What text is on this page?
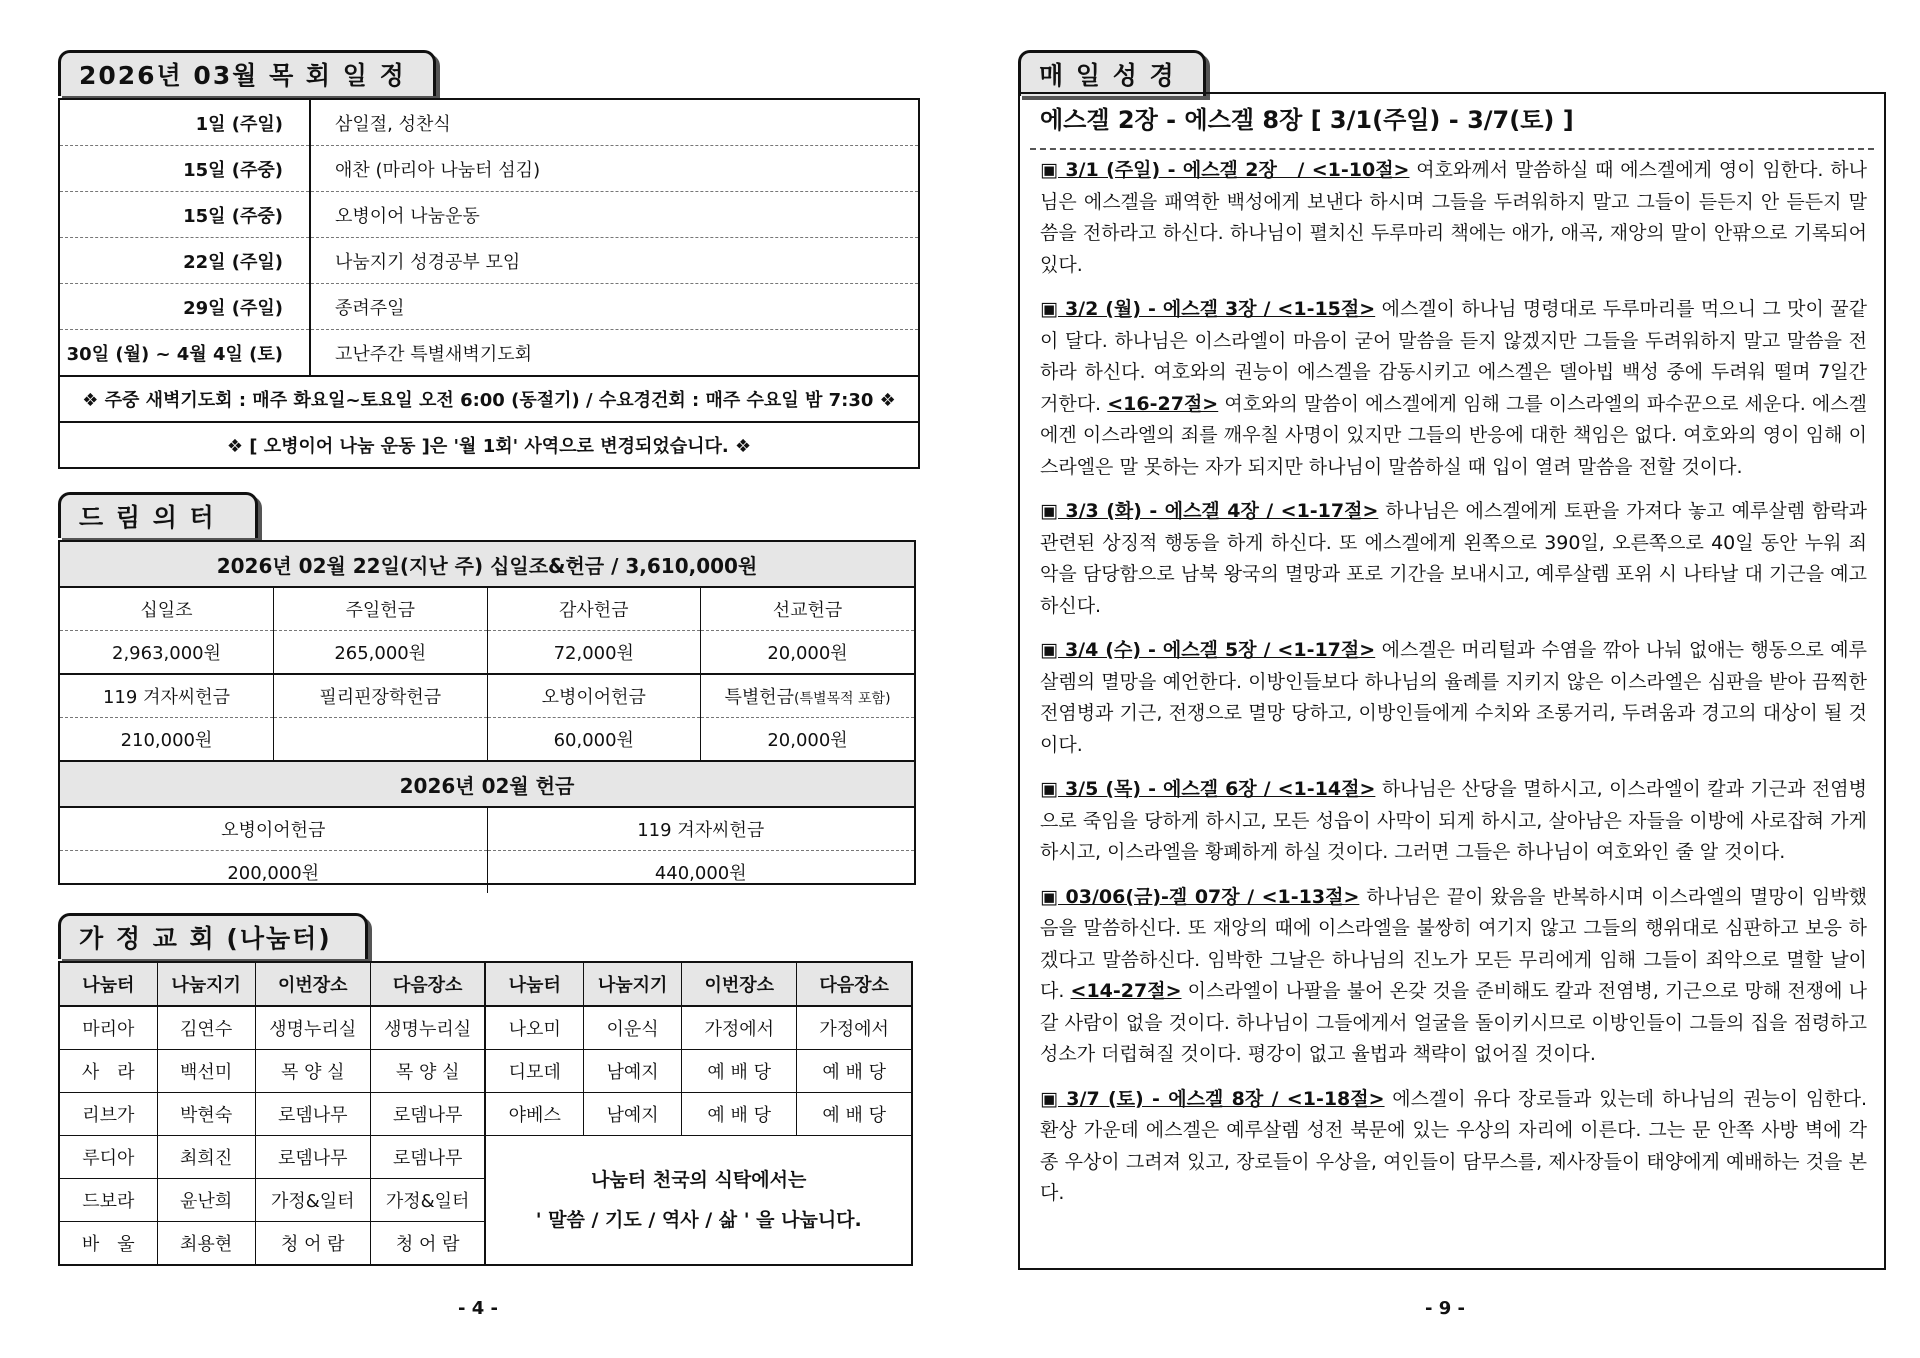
2026년 03월 목 회 일 정
1일 (주일)	삼일절, 성찬식
15일 (주중)	애찬 (마리아 나눔터 섬김)
15일 (주중)	오병이어 나눔운동
22일 (주일)	나눔지기 성경공부 모임
29일 (주일)	종려주일
30일 (월) ~ 4월 4일 (토)	고난주간 특별새벽기도회
❖ 주중 새벽기도회 : 매주 화요일~토요일 오전 6:00 (동절기) / 수요경건회 : 매주 수요일 밤 7:30 ❖	
❖ [ 오병이어 나눔 운동 ]은 '월 1회' 사역으로 변경되었습니다. ❖	
드 림 의 터
2026년 02월 22일(지난 주) 십일조&헌금 / 3,610,000원			
십일조	주일헌금	감사헌금	선교헌금
2,963,000원	265,000원	72,000원	20,000원
119 겨자씨헌금	필리핀장학헌금	오병이어헌금	특별헌금(특별목적 포함)
210,000원		60,000원	20,000원
2026년 02월 헌금			
오병이어헌금		119 겨자씨헌금	
200,000원		440,000원	
가 정 교 회 (나눔터)
나눔터	나눔지기	이번장소	다음장소	나눔터	나눔지기	이번장소	다음장소
마리아	김연수	생명누리실	생명누리실	나오미	이운식	가정에서	가정에서
사　라	백선미	목 양 실	목 양 실	디모데	남예지	예 배 당	예 배 당
리브가	박현숙	로뎀나무	로뎀나무	야베스	남예지	예 배 당	예 배 당
루디아	최희진	로뎀나무	로뎀나무	나눔터 천국의 식탁에서는
' 말씀 / 기도 / 역사 / 삶 ' 을 나눕니다.			

드보라	윤난희	가정&일터	가정&일터				
바　울	최용현	청 어 람	청 어 람				
매 일 성 경
에스겔 2장 - 에스겔 8장 [ 3/1(주일) - 3/7(토) ]

▣ 3/1 (주일) - 에스겔 2장　/ <1-10절> 여호와께서 말씀하실 때 에스겔에게 영이 임한다. 하나님은 에스겔을 패역한 백성에게 보낸다 하시며 그들을 두려워하지 말고 그들이 듣든지 안 듣든지 말씀을 전하라고 하신다. 하나님이 펼치신 두루마리 책에는 애가, 애곡, 재앙의 말이 안팎으로 기록되어 있다.

▣ 3/2 (월) - 에스겔 3장 / <1-15절> 에스겔이 하나님 명령대로 두루마리를 먹으니 그 맛이 꿀같이 달다. 하나님은 이스라엘이 마음이 굳어 말씀을 듣지 않겠지만 그들을 두려워하지 말고 말씀을 전하라 하신다. 여호와의 권능이 에스겔을 감동시키고 에스겔은 델아빕 백성 중에 두려워 떨며 7일간 거한다. <16-27절> 여호와의 말씀이 에스겔에게 임해 그를 이스라엘의 파수꾼으로 세운다. 에스겔에겐 이스라엘의 죄를 깨우칠 사명이 있지만 그들의 반응에 대한 책임은 없다. 여호와의 영이 임해 이스라엘은 말 못하는 자가 되지만 하나님이 말씀하실 때 입이 열려 말씀을 전할 것이다.

▣ 3/3 (화) - 에스겔 4장 / <1-17절> 하나님은 에스겔에게 토판을 가져다 놓고 예루살렘 함락과 관련된 상징적 행동을 하게 하신다. 또 에스겔에게 왼쪽으로 390일, 오른쪽으로 40일 동안 누워 죄악을 담당함으로 남북 왕국의 멸망과 포로 기간을 보내시고, 예루살렘 포위 시 나타날 대 기근을 예고하신다.

▣ 3/4 (수) - 에스겔 5장 / <1-17절> 에스겔은 머리털과 수염을 깎아 나눠 없애는 행동으로 예루살렘의 멸망을 예언한다. 이방인들보다 하나님의 율례를 지키지 않은 이스라엘은 심판을 받아 끔찍한 전염병과 기근, 전쟁으로 멸망 당하고, 이방인들에게 수치와 조롱거리, 두려움과 경고의 대상이 될 것이다.

▣ 3/5 (목) - 에스겔 6장 / <1-14절> 하나님은 산당을 멸하시고, 이스라엘이 칼과 기근과 전염병으로 죽임을 당하게 하시고, 모든 성읍이 사막이 되게 하시고, 살아남은 자들을 이방에 사로잡혀 가게 하시고, 이스라엘을 황폐하게 하실 것이다. 그러면 그들은 하나님이 여호와인 줄 알 것이다.

▣ 03/06(금)-겔 07장 / <1-13절> 하나님은 끝이 왔음을 반복하시며 이스라엘의 멸망이 임박했음을 말씀하신다. 또 재앙의 때에 이스라엘을 불쌍히 여기지 않고 그들의 행위대로 심판하고 보응 하겠다고 말씀하신다. 임박한 그날은 하나님의 진노가 모든 무리에게 임해 그들이 죄악으로 멸할 날이다. <14-27절> 이스라엘이 나팔을 불어 온갖 것을 준비해도 칼과 전염병, 기근으로 망해 전쟁에 나갈 사람이 없을 것이다. 하나님이 그들에게서 얼굴을 돌이키시므로 이방인들이 그들의 집을 점령하고 성소가 더럽혀질 것이다. 평강이 없고 율법과 책략이 없어질 것이다.

▣ 3/7 (토) - 에스겔 8장 / <1-18절> 에스겔이 유다 장로들과 있는데 하나님의 권능이 임한다. 환상 가운데 에스겔은 예루살렘 성전 북문에 있는 우상의 자리에 이른다. 그는 문 안쪽 사방 벽에 각종 우상이 그려져 있고, 장로들이 우상을, 여인들이 담무스를, 제사장들이 태양에게 예배하는 것을 본다.

- 4 -	- 9 -
